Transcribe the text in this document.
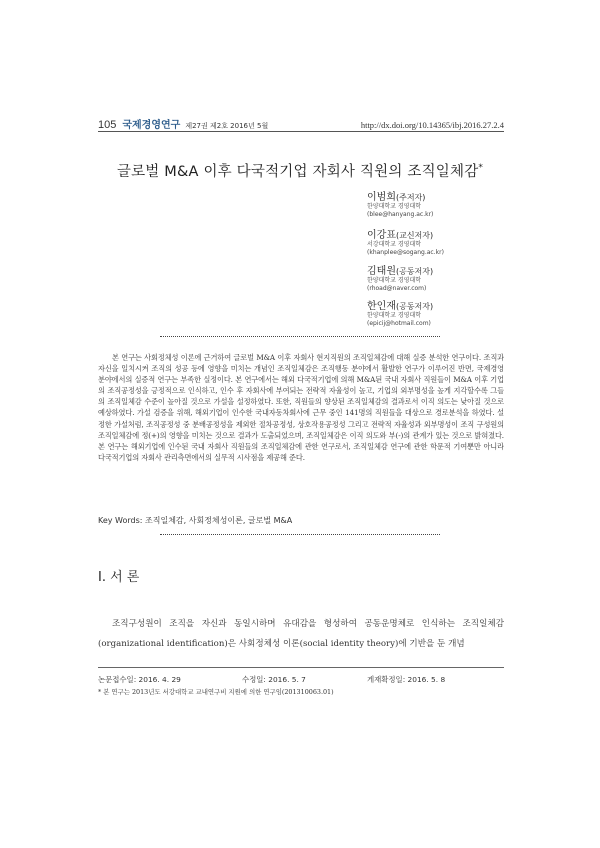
105 국제경영연구 제27권 제2호 2016년 5월	http://dx.doi.org/10.14365/ibj.2016.27.2.4
글로벌 M&A 이후 다국적기업 자회사 직원의 조직일체감*
이범희(주저자)
한양대학교 경영대학
(blee@hanyang.ac.kr)
이강표(교신저자)
서강대학교 경영대학
(khanplee@sogang.ac.kr)
김태원(공동저자)
한양대학교 경영대학
(rhoad@naver.com)
한인재(공동저자)
한양대학교 경영대학
(epicij@hotmail.com)

본 연구는 사회정체성 이론에 근거하여 글로벌 M&A 이후 자회사 현지직원의 조직일체감에 대해 실증 분석한 연구이다. 조직과 자신을 일치시켜 조직의 성공 등에 영향을 미치는 개념인 조직일체감은 조직행동 분야에서 활발한 연구가 이루어진 반면, 국제경영 분야에서의 실증적 연구는 부족한 실정이다. 본 연구에서는 해외 다국적기업에 의해 M&A된 국내 자회사 직원들이 M&A 이후 기업의 조직공정성을 긍정적으로 인식하고, 인수 후 자회사에 부여되는 전략적 자율성이 높고, 기업의 외부명성을 높게 지각할수록 그들의 조직일체감 수준이 높아질 것으로 가설을 설정하였다. 또한, 직원들의 향상된 조직일체감의 결과로서 이직 의도는 낮아질 것으로 예상하였다. 가설 검증을 위해, 해외기업이 인수한 국내자동차회사에 근무 중인 141명의 직원들을 대상으로 경로분석을 하였다. 설정한 가설처럼, 조직공정성 중 분배공정성을 제외한 절차공정성, 상호작용공정성 그리고 전략적 자율성과 외부명성이 조직 구성원의 조직일체감에 정(+)의 영향을 미치는 것으로 결과가 도출되었으며, 조직일체감은 이직 의도와 부(-)의 관계가 있는 것으로 밝혀졌다. 본 연구는 해외기업에 인수된 국내 자회사 직원들의 조직일체감에 관한 연구로서, 조직일체감 연구에 관한 학문적 기여뿐만 아니라 다국적기업의 자회사 관리측면에서의 실무적 시사점을 제공해 준다.

Key Words: 조직일체감, 사회정체성이론, 글로벌 M&A
Ⅰ. 서 론

조직구성원이 조직을 자신과 동일시하며 유대감을 형성하여 공동운명체로 인식하는 조직일체감(organizational identification)은 사회정체성 이론(social identity theory)에 기반을 둔 개념

논문접수일: 2016. 4. 29	수정일: 2016. 5. 7	게재확정일: 2016. 5. 8
* 본 연구는 2013년도 서강대학교 교내연구비 지원에 의한 연구임(201310063.01)
